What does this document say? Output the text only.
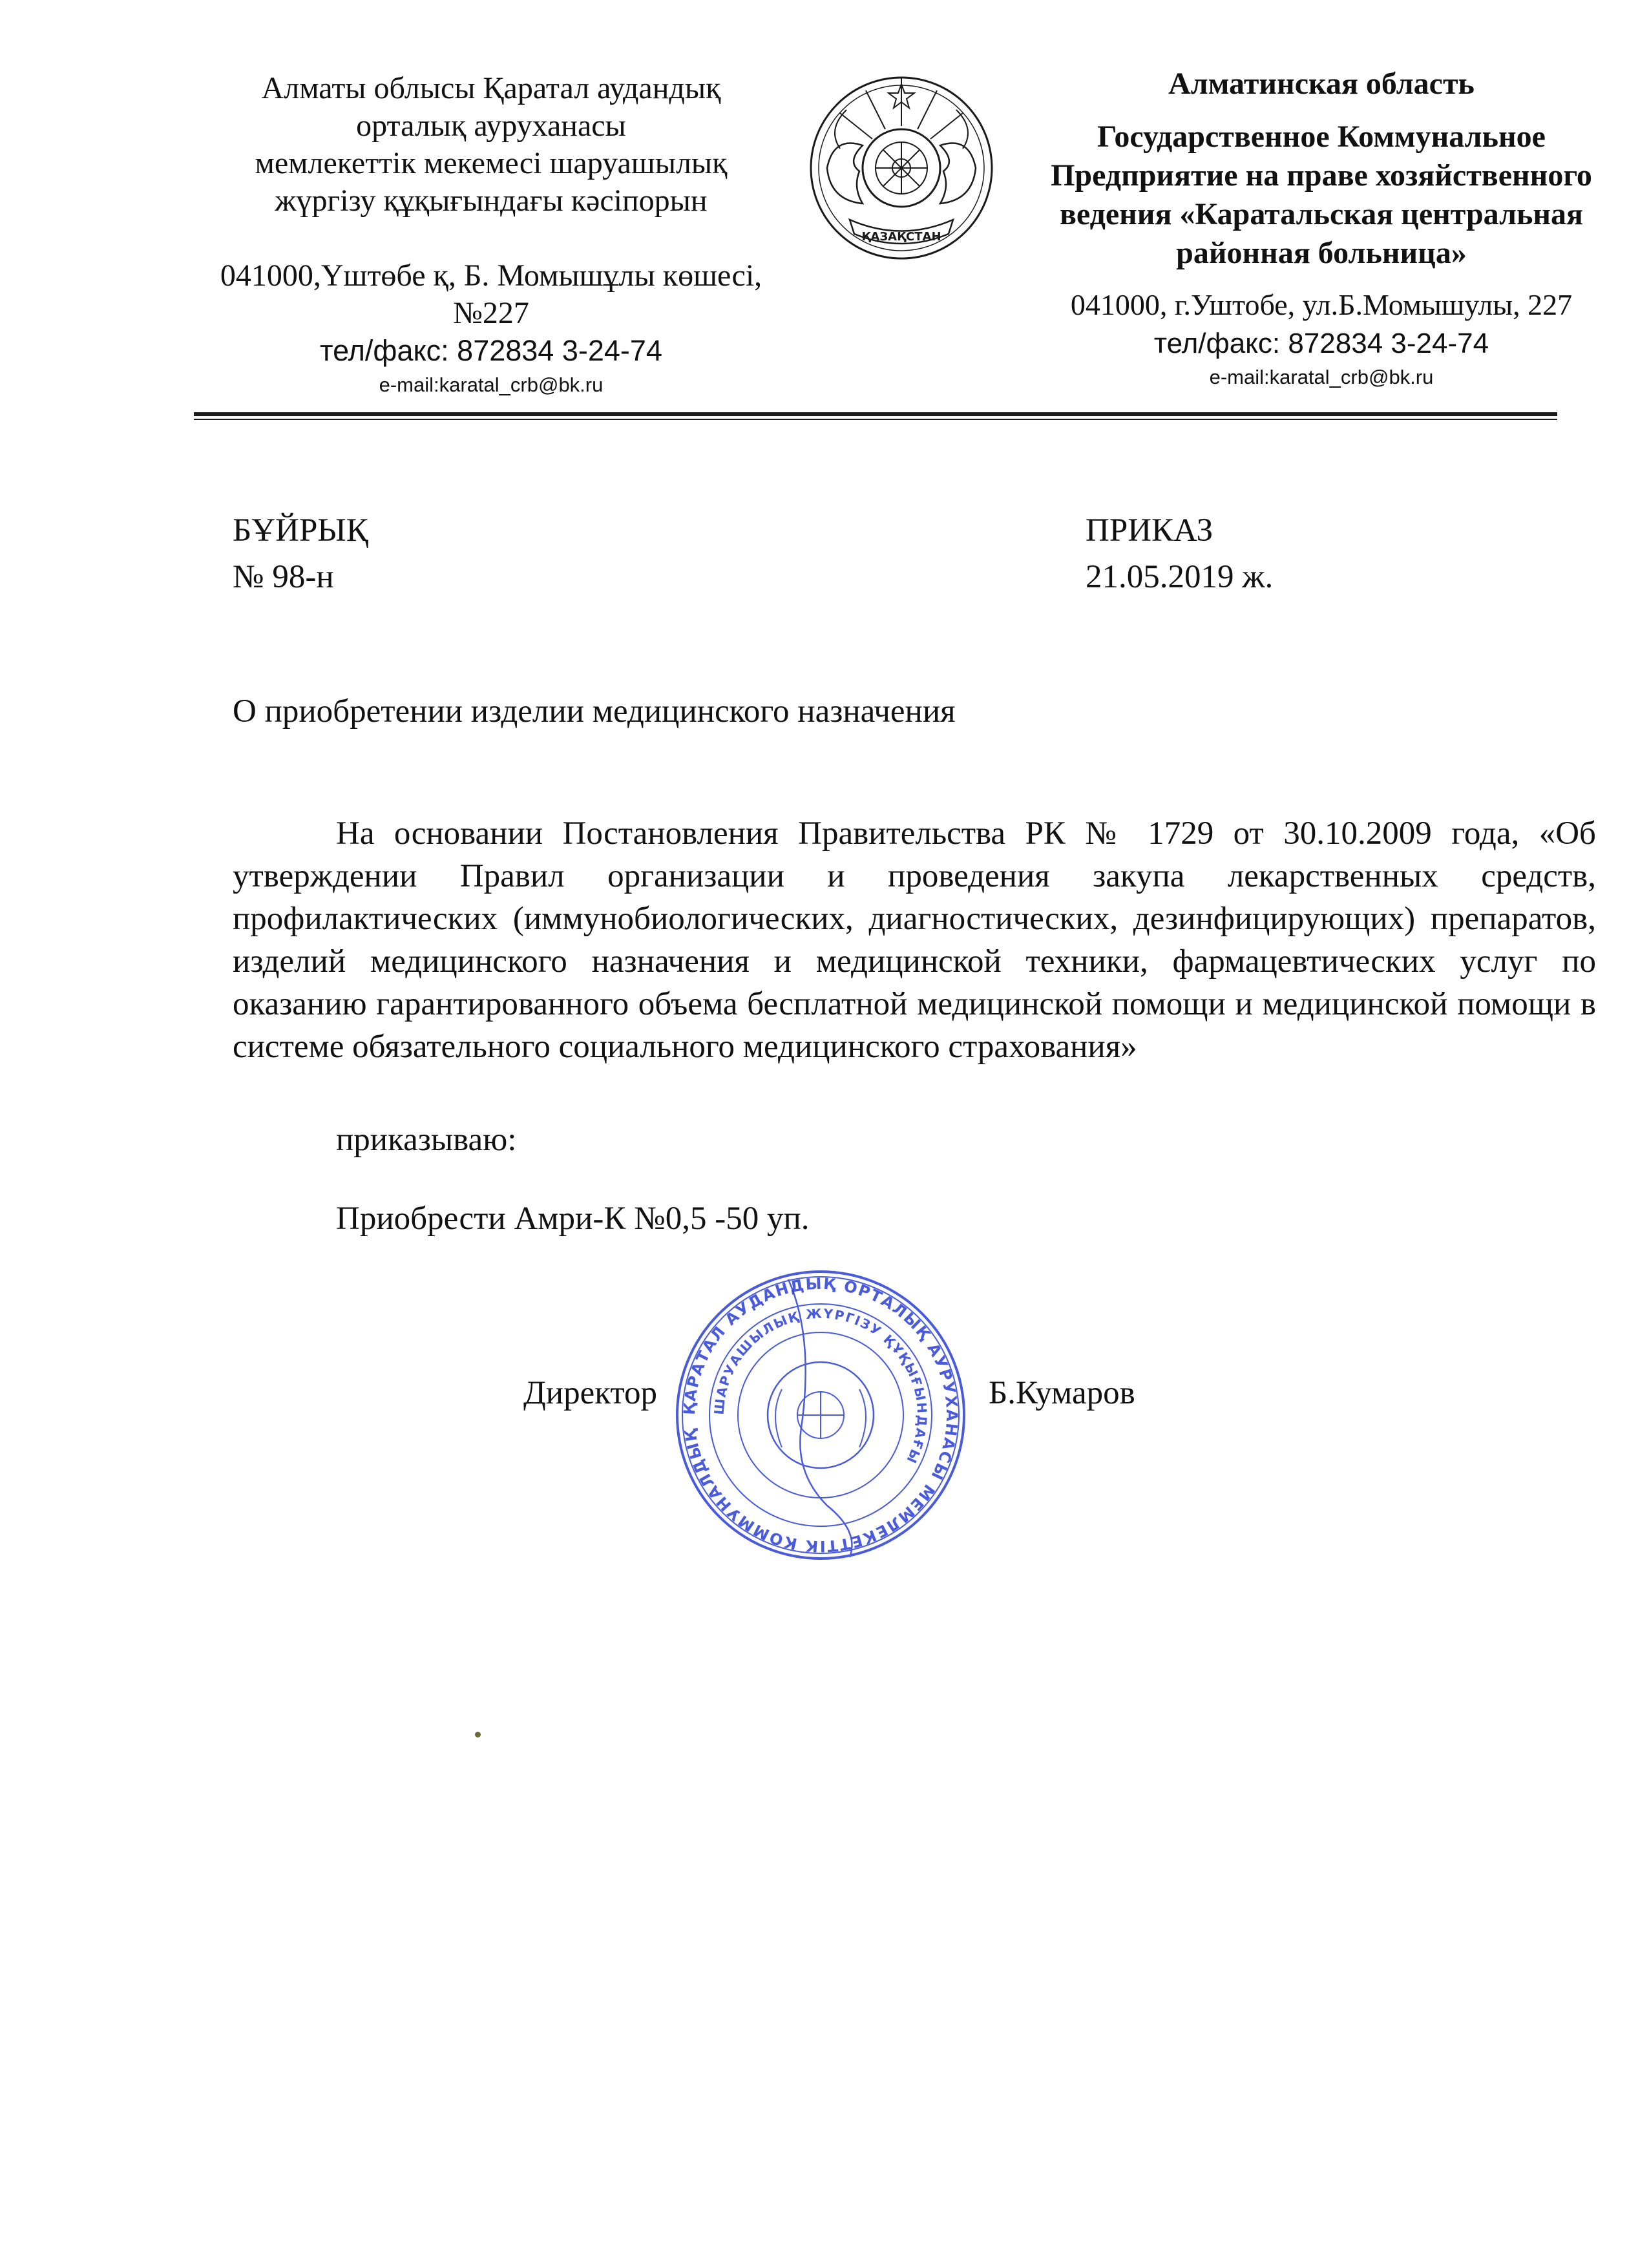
Алматы облысы Қаратал аудандық
орталық ауруханасы
мемлекеттік мекемесі шаруашылық
жүргізу құқығындағы кәсіпорын
041000,Үштөбе қ, Б. Момышұлы көшесі,
№227
тел/факс: 872834 3-24-74
e-mail:karatal_crb@bk.ru
ҚАЗАҚСТАН
Алматинская область
Государственное Коммунальное
Предприятие на праве хозяйственного
ведения «Каратальская центральная
районная больница»
041000, г.Уштобе, ул.Б.Момышулы, 227
тел/факс: 872834 3-24-74
e-mail:karatal_crb@bk.ru
БҰЙРЫҚ
№ 98-н
ПРИКАЗ
21.05.2019 ж.
О приобретении изделии медицинского назначения
На основании Постановления Правительства РК № 1729 от 30.10.2009 года, «Об утверждении Правил организации и проведения закупа лекарственных средств, профилактических (иммунобиологических, диагностических, дезинфицирующих) препаратов, изделий медицинского назначения и медицинской техники, фармацевтических услуг по оказанию гарантированного объема бесплатной медицинской помощи и медицинской помощи в системе обязательного социального медицинского страхования»
приказываю:
Приобрести Амри-К №0,5 -50 уп.
ҚАРАТАЛ АУДАНДЫҚ ОРТАЛЫҚ АУРУХАНАСЫ МЕМЛЕКЕТТІК КОММУНАЛДЫҚ
ШАРУАШЫЛЫҚ ЖҮРГІЗУ ҚҰҚЫҒЫНДАҒЫ
Директор	Б.Кумаров
